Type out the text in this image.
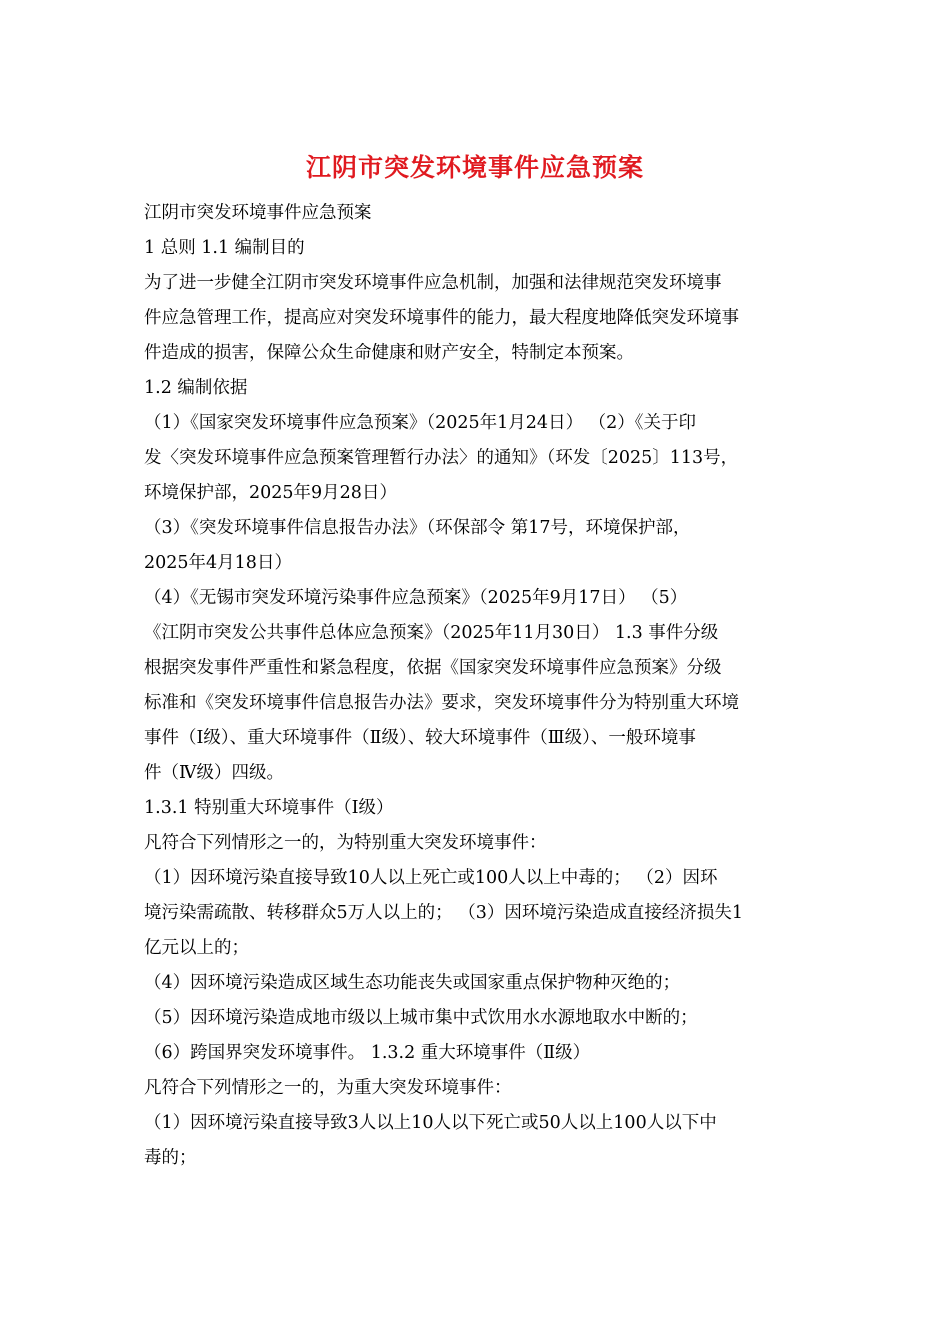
江阴市突发环境事件应急预案

江阴市突发环境事件应急预案

1 总则 1.1 编制目的

为了进一步健全江阴市突发环境事件应急机制，加强和法律规范突发环境事

件应急管理工作，提高应对突发环境事件的能力，最大程度地降低突发环境事

件造成的损害，保障公众生命健康和财产安全，特制定本预案。

1.2 编制依据

（1）《国家突发环境事件应急预案》（2025年1月24日） （2）《关于印

发〈突发环境事件应急预案管理暂行办法〉的通知》（环发〔2025〕113号，

环境保护部，2025年9月28日）

（3）《突发环境事件信息报告办法》（环保部令 第17号，环境保护部，

2025年4月18日）

（4）《无锡市突发环境污染事件应急预案》（2025年9月17日） （5）

《江阴市突发公共事件总体应急预案》（2025年11月30日） 1.3 事件分级

根据突发事件严重性和紧急程度，依据《国家突发环境事件应急预案》分级

标准和《突发环境事件信息报告办法》要求，突发环境事件分为特别重大环境

事件（Ⅰ级）、重大环境事件（Ⅱ级）、较大环境事件（Ⅲ级）、一般环境事

件（Ⅳ级）四级。

1.3.1 特别重大环境事件（Ⅰ级）

凡符合下列情形之一的，为特别重大突发环境事件：

（1）因环境污染直接导致10人以上死亡或100人以上中毒的； （2）因环

境污染需疏散、转移群众5万人以上的； （3）因环境污染造成直接经济损失1

亿元以上的；

（4）因环境污染造成区域生态功能丧失或国家重点保护物种灭绝的；

（5）因环境污染造成地市级以上城市集中式饮用水水源地取水中断的；

（6）跨国界突发环境事件。 1.3.2 重大环境事件（Ⅱ级）

凡符合下列情形之一的，为重大突发环境事件：

（1）因环境污染直接导致3人以上10人以下死亡或50人以上100人以下中

毒的；
